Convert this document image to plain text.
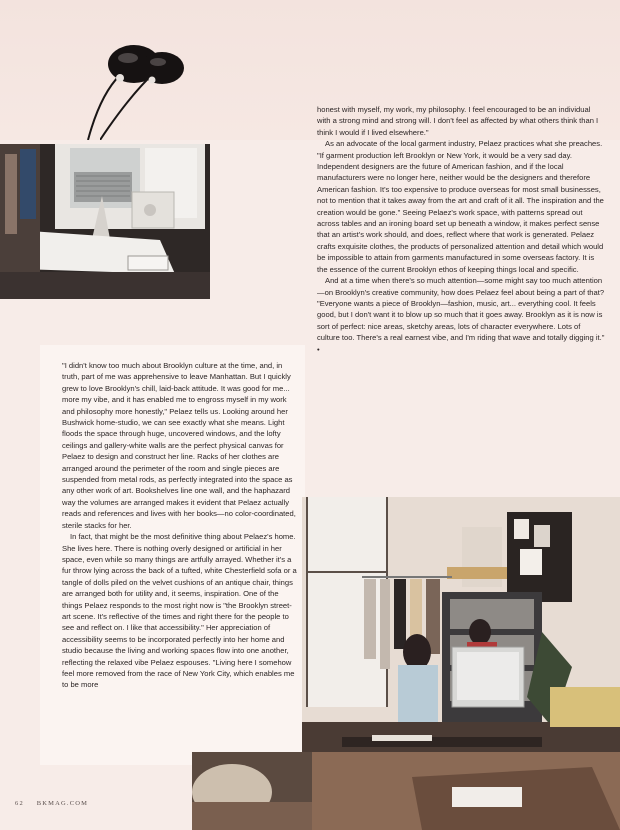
honest with myself, my work, my philosophy. I feel encouraged to be an individual with a strong mind and strong will. I don't feel as affected by what others think than I think I would if I lived elsewhere."

As an advocate of the local garment industry, Pelaez practices what she preaches. "If garment production left Brooklyn or New York, it would be a very sad day. Independent designers are the future of American fashion, and if the local manufacturers were no longer here, neither would be the designers and therefore American fashion. It's too expensive to produce overseas for most small businesses, not to mention that it takes away from the art and craft of it all. The inspiration and the creation would be gone." Seeing Pelaez's work space, with patterns spread out across tables and an ironing board set up beneath a window, it makes perfect sense that an artist's work should, and does, reflect where that work is generated. Pelaez crafts exquisite clothes, the products of personalized attention and detail which would be impossible to attain from garments manufactured in some overseas factory. It is the essence of the current Brooklyn ethos of keeping things local and specific.

And at a time when there's so much attention—some might say too much attention—on Brooklyn's creative community, how does Pelaez feel about being a part of that? "Everyone wants a piece of Brooklyn—fashion, music, art... everything cool. It feels good, but I don't want it to blow up so much that it goes away. Brooklyn as it is now is sort of perfect: nice areas, sketchy areas, lots of character everywhere. Lots of culture too. There's a real earnest vibe, and I'm riding that wave and totally digging it." •

"I didn't know too much about Brooklyn culture at the time, and, in truth, part of me was apprehensive to leave Manhattan. But I quickly grew to love Brooklyn's chill, laid-back attitude. It was good for me... more my vibe, and it has enabled me to engross myself in my work and philosophy more honestly," Pelaez tells us. Looking around her Bushwick home-studio, we can see exactly what she means. Light floods the space through huge, uncovered windows, and the lofty ceilings and gallery-white walls are the perfect physical canvas for Pelaez to design and construct her line. Racks of her clothes are arranged around the perimeter of the room and single pieces are suspended from metal rods, as perfectly integrated into the space as any other work of art. Bookshelves line one wall, and the haphazard way the volumes are arranged makes it evident that Pelaez actually reads and references and lives with her books—no color-coordinated, sterile stacks for her.

In fact, that might be the most definitive thing about Pelaez's home. She lives here. There is nothing overly designed or artificial in her space, even while so many things are artfully arrayed. Whether it's a fur throw lying across the back of a tufted, white Chesterfield sofa or a tangle of dolls piled on the velvet cushions of an antique chair, things are arranged both for utility and, it seems, inspiration. One of the things Pelaez responds to the most right now is "the Brooklyn street-art scene. It's reflective of the times and right there for the people to see and reflect on. I like that accessibility." Her appreciation of accessibility seems to be incorporated perfectly into her home and studio because the living and working spaces flow into one another, reflecting the relaxed vibe Pelaez espouses. "Living here I somehow feel more removed from the race of New York City, which enables me to be more

62 BKMAG.COM
